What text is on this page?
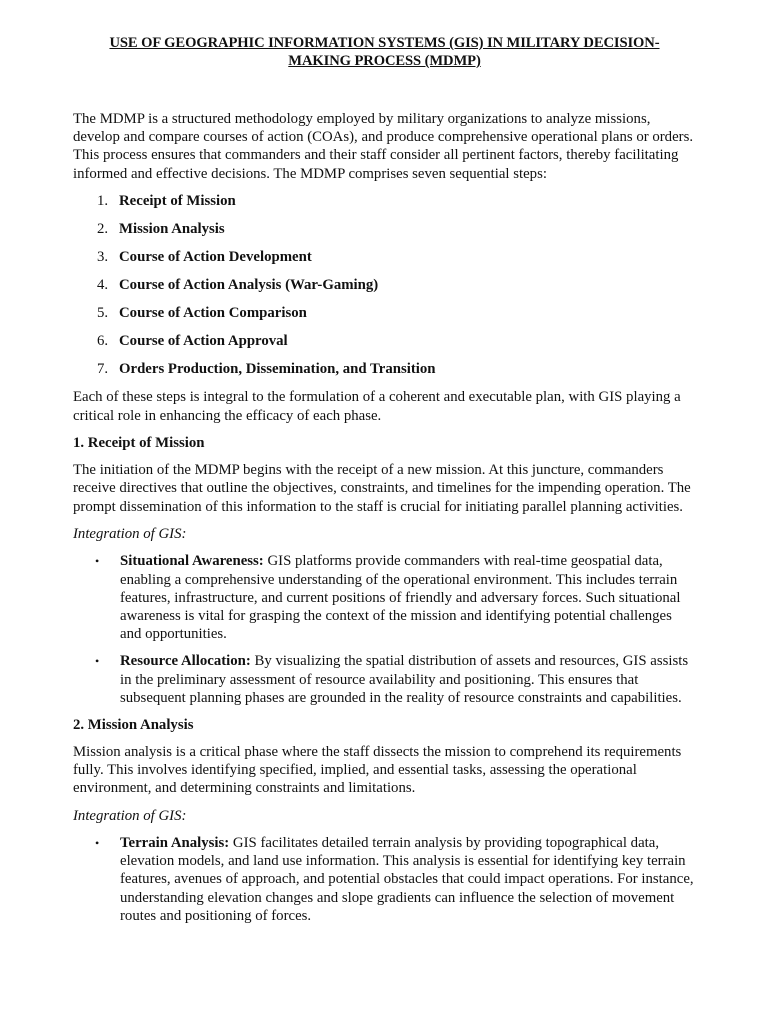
USE OF GEOGRAPHIC INFORMATION SYSTEMS (GIS) IN MILITARY DECISION-
MAKING PROCESS (MDMP)

The MDMP is a structured methodology employed by military organizations to analyze missions, develop and compare courses of action (COAs), and produce comprehensive operational plans or orders. This process ensures that commanders and their staff consider all pertinent factors, thereby facilitating informed and effective decisions. The MDMP comprises seven sequential steps:

1. Receipt of Mission
2. Mission Analysis
3. Course of Action Development
4. Course of Action Analysis (War-Gaming)
5. Course of Action Comparison
6. Course of Action Approval
7. Orders Production, Dissemination, and Transition

Each of these steps is integral to the formulation of a coherent and executable plan, with GIS playing a critical role in enhancing the efficacy of each phase.

1. Receipt of Mission

The initiation of the MDMP begins with the receipt of a new mission. At this juncture, commanders receive directives that outline the objectives, constraints, and timelines for the impending operation. The prompt dissemination of this information to the staff is crucial for initiating parallel planning activities.

Integration of GIS:
•	Situational Awareness: GIS platforms provide commanders with real-time geospatial data, enabling a comprehensive understanding of the operational environment. This includes terrain features, infrastructure, and current positions of friendly and adversary forces. Such situational awareness is vital for grasping the context of the mission and identifying potential challenges and opportunities.
•	Resource Allocation: By visualizing the spatial distribution of assets and resources, GIS assists in the preliminary assessment of resource availability and positioning. This ensures that subsequent planning phases are grounded in the reality of resource constraints and capabilities.
2. Mission Analysis

Mission analysis is a critical phase where the staff dissects the mission to comprehend its requirements fully. This involves identifying specified, implied, and essential tasks, assessing the operational environment, and determining constraints and limitations.

Integration of GIS:
•	Terrain Analysis: GIS facilitates detailed terrain analysis by providing topographical data, elevation models, and land use information. This analysis is essential for identifying key terrain features, avenues of approach, and potential obstacles that could impact operations. For instance, understanding elevation changes and slope gradients can influence the selection of movement routes and positioning of forces.
